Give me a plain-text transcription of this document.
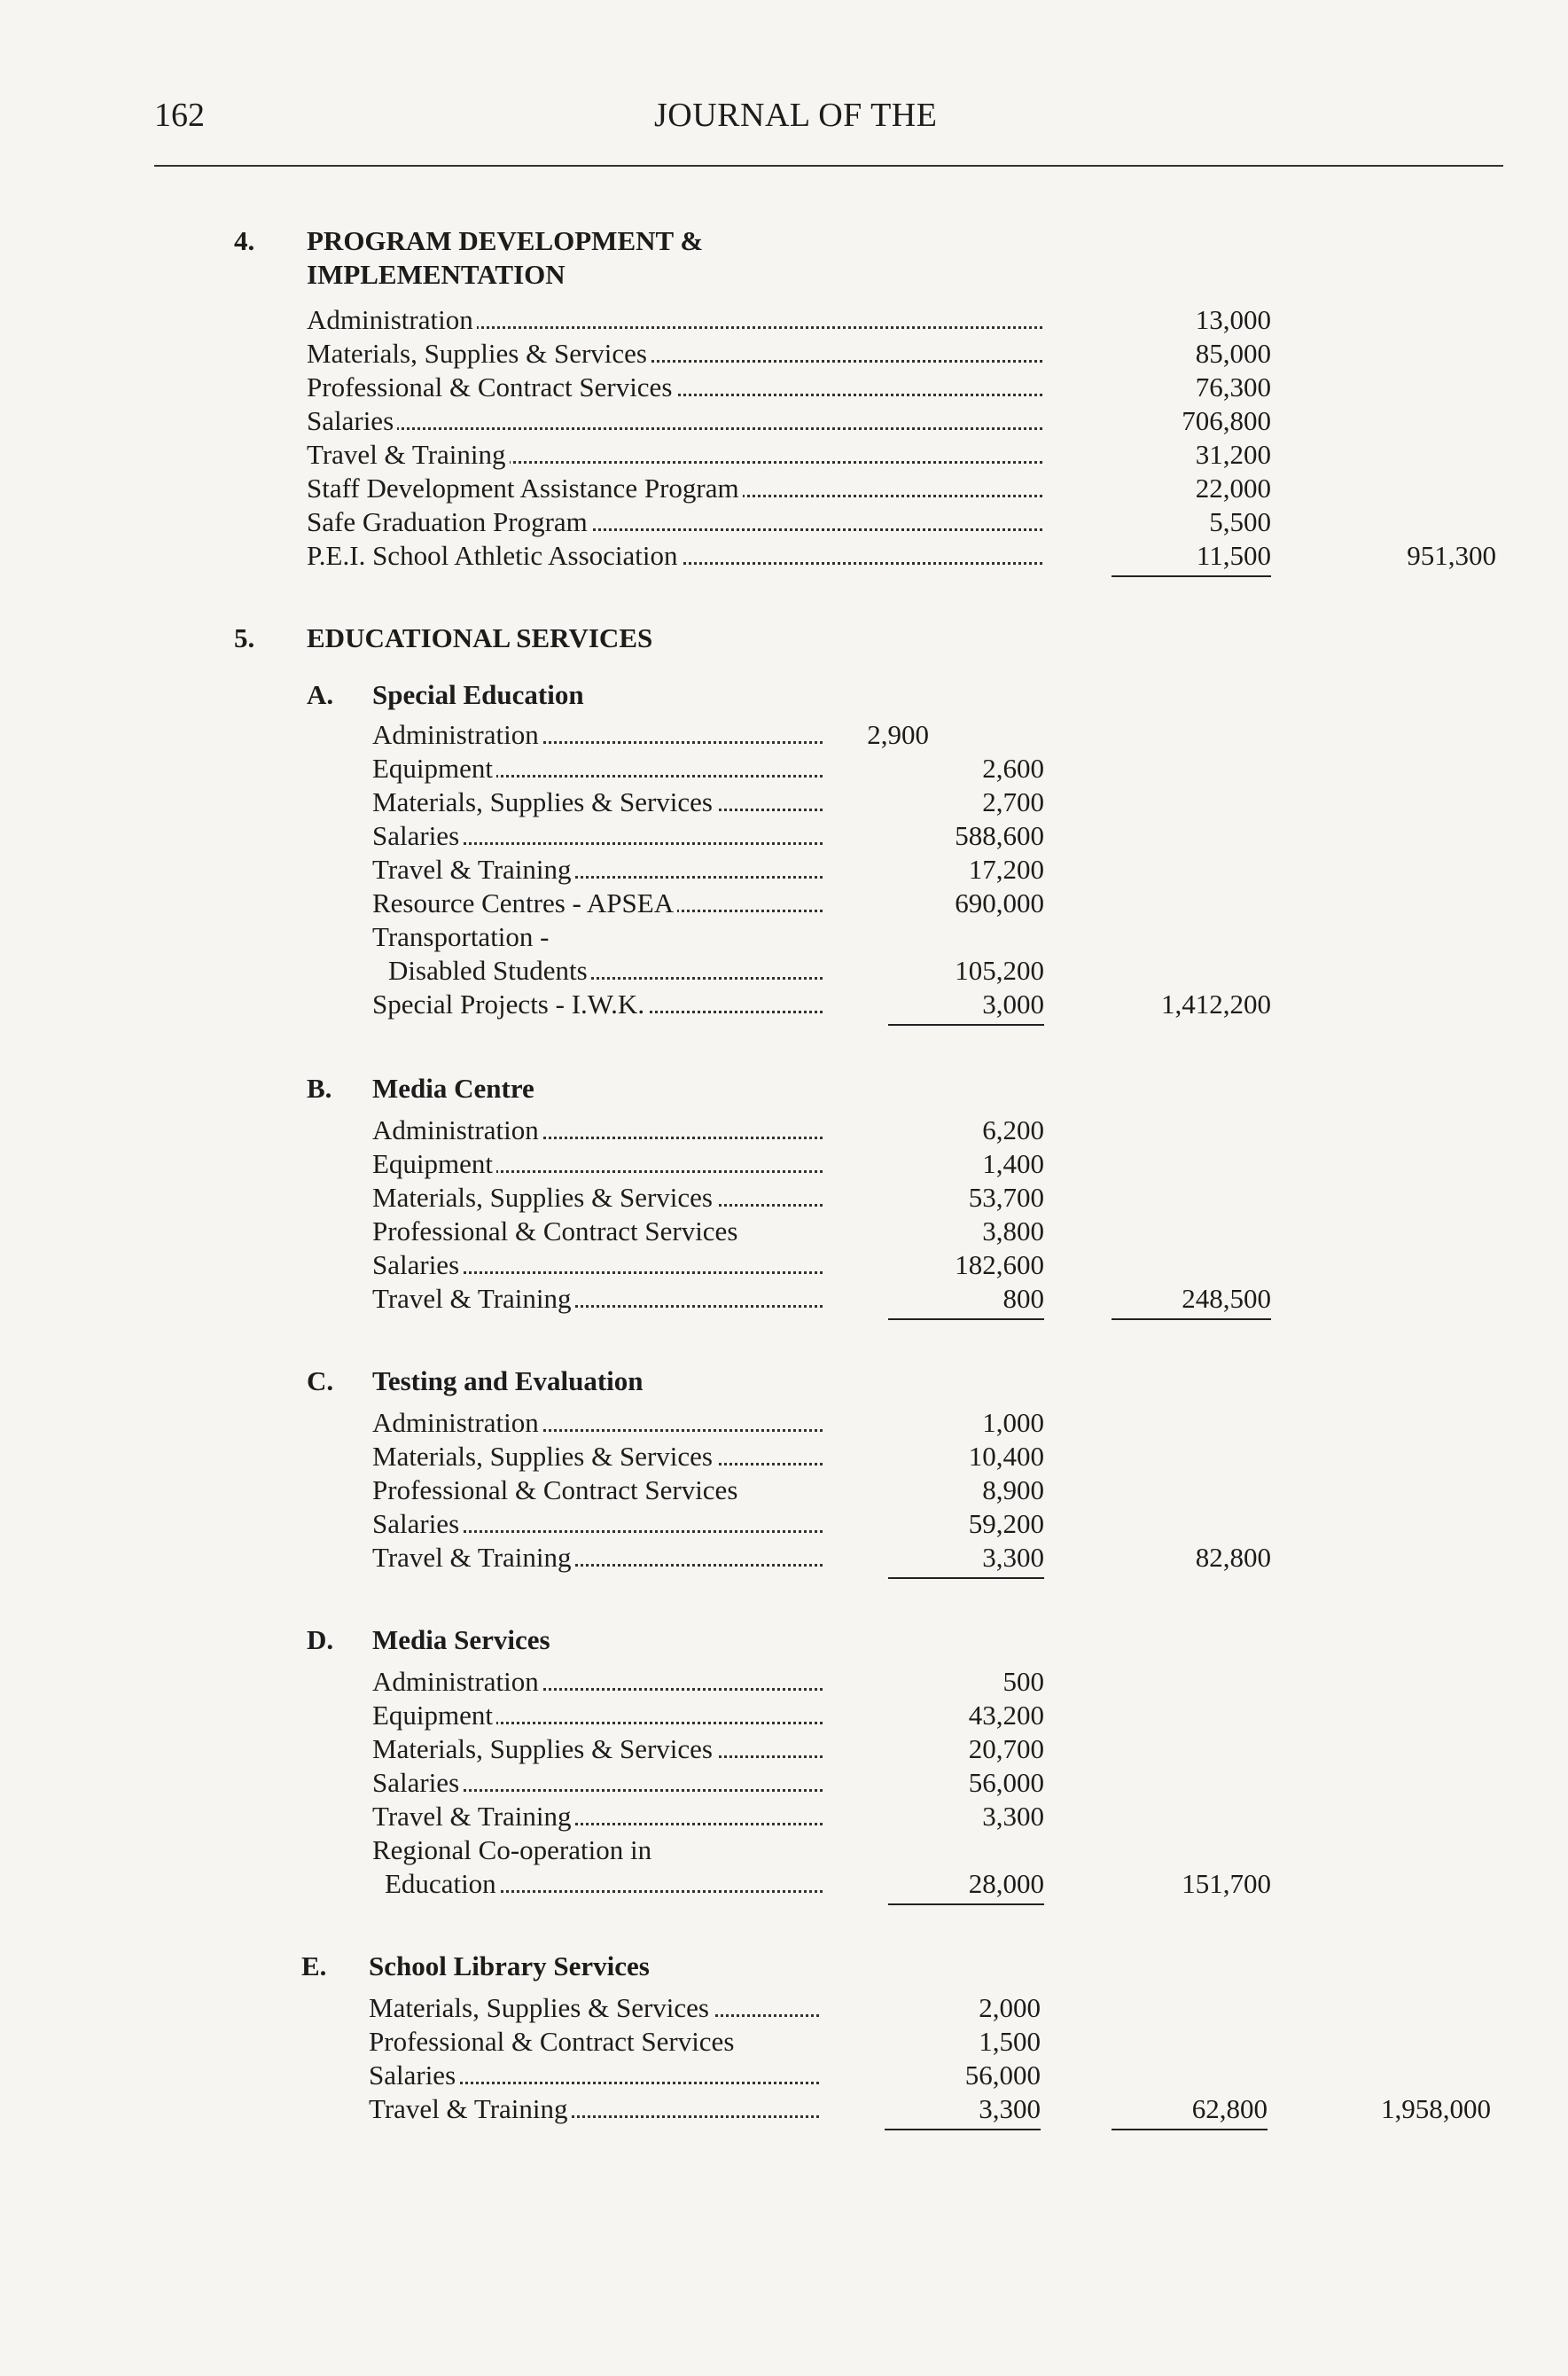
162	JOURNAL OF THE
4. PROGRAM DEVELOPMENT &
IMPLEMENTATION
Administration	13,000
Materials, Supplies & Services	85,000
Professional & Contract Services	76,300
Salaries	706,800
Travel & Training	31,200
Staff Development Assistance Program	22,000
Safe Graduation Program	5,500
P.E.I. School Athletic Association	11,500	951,300
5. EDUCATIONAL SERVICES
A. Special Education
Administration	2,900
Equipment	2,600
Materials, Supplies & Services	2,700
Salaries	588,600
Travel & Training	17,200
Resource Centres - APSEA	690,000
Transportation -
Disabled Students	105,200
Special Projects - I.W.K.	3,000	1,412,200
B. Media Centre
Administration	6,200
Equipment	1,400
Materials, Supplies & Services	53,700
Professional & Contract Services	3,800
Salaries	182,600
Travel & Training	800	248,500
C. Testing and Evaluation
Administration	1,000
Materials, Supplies & Services	10,400
Professional & Contract Services	8,900
Salaries	59,200
Travel & Training	3,300	82,800
D. Media Services
Administration	500
Equipment	43,200
Materials, Supplies & Services	20,700
Salaries	56,000
Travel & Training	3,300
Regional Co-operation in
Education	28,000	151,700
E. School Library Services
Materials, Supplies & Services	2,000
Professional & Contract Services	1,500
Salaries	56,000
Travel & Training	3,300	62,800	1,958,000
